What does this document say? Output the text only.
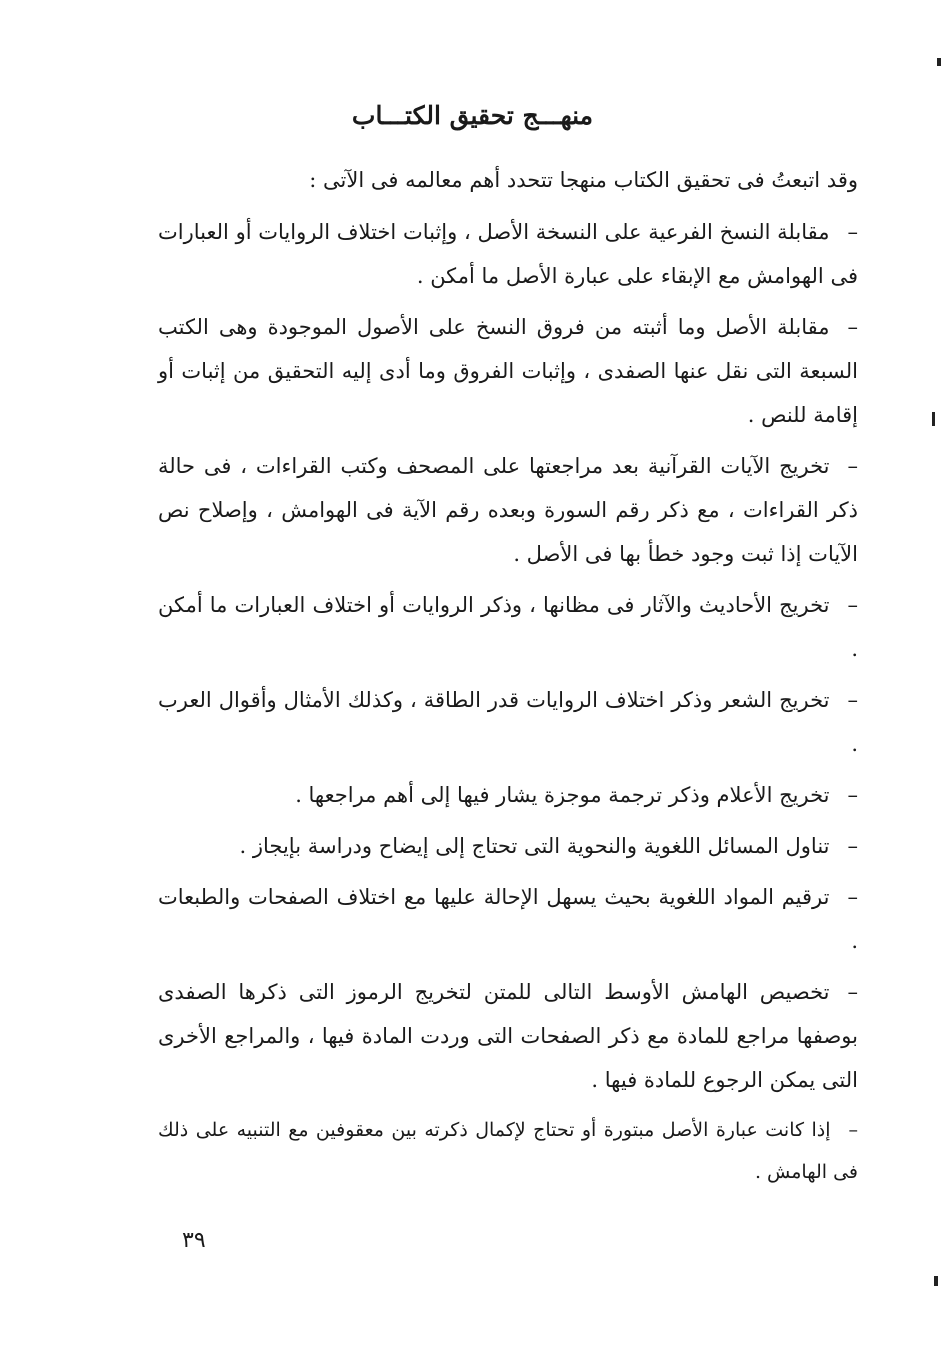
منهـــج تحقيق الكتـــاب

وقد اتبعتُ فى تحقيق الكتاب منهجا تتحدد أهم معالمه فى الآتى :

–مقابلة النسخ الفرعية على النسخة الأصل ، وإثبات اختلاف الروايات أو العبارات فى الهوامش مع الإبقاء على عبارة الأصل ما أمكن .

–مقابلة الأصل وما أثبته من فروق النسخ على الأصول الموجودة وهى الكتب السبعة التى نقل عنها الصفدى ، وإثبات الفروق وما أدى إليه التحقيق من إثبات أو إقامة للنص .

–تخريج الآيات القرآنية بعد مراجعتها على المصحف وكتب القراءات ، فى حالة ذكر القراءات ، مع ذكر رقم السورة وبعده رقم الآية فى الهوامش ، وإصلاح نص الآيات إذا ثبت وجود خطأ بها فى الأصل .

–تخريج الأحاديث والآثار فى مظانها ، وذكر الروايات أو اختلاف العبارات ما أمكن .

–تخريج الشعر وذكر اختلاف الروايات قدر الطاقة ، وكذلك الأمثال وأقوال العرب .

–تخريج الأعلام وذكر ترجمة موجزة يشار فيها إلى أهم مراجعها .

–تناول المسائل اللغوية والنحوية التى تحتاج إلى إيضاح ودراسة بإيجاز .

–ترقيم المواد اللغوية بحيث يسهل الإحالة عليها مع اختلاف الصفحات والطبعات .

–تخصيص الهامش الأوسط التالى للمتن لتخريج الرموز التى ذكرها الصفدى بوصفها مراجع للمادة مع ذكر الصفحات التى وردت المادة فيها ، والمراجع الأخرى التى يمكن الرجوع للمادة فيها .

–إذا كانت عبارة الأصل مبتورة أو تحتاج لإكمال ذكرته بين معقوفين مع التنبيه على ذلك فى الهامش .

٣٩
